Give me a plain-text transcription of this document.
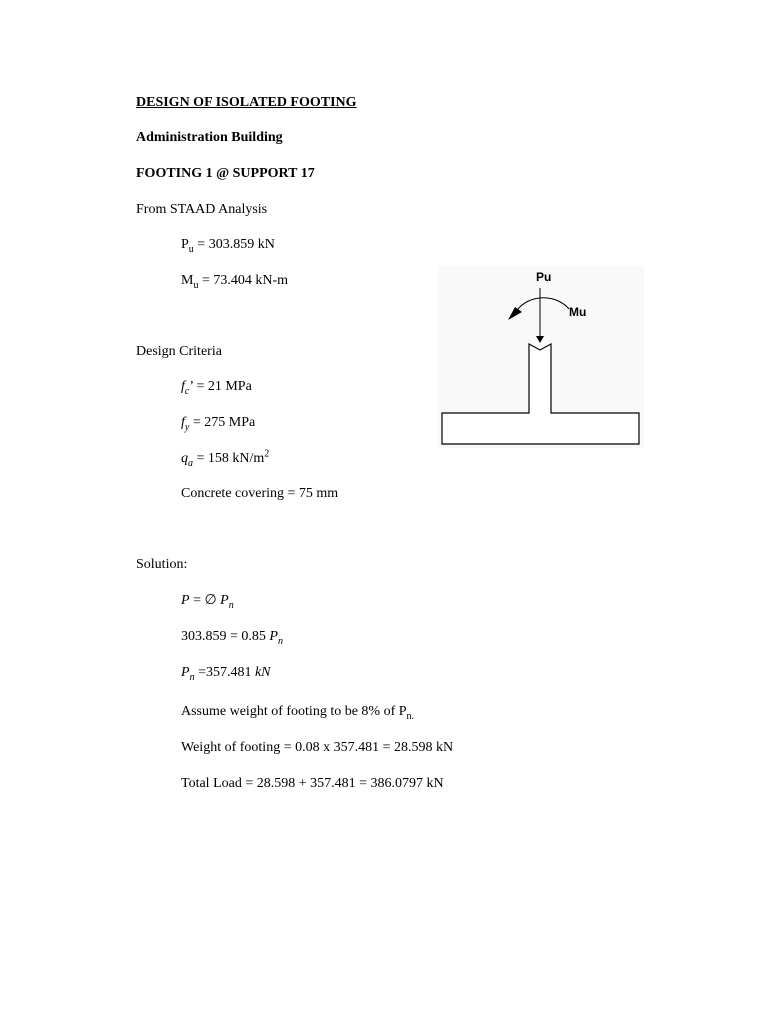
DESIGN OF ISOLATED FOOTING
Administration Building
FOOTING 1 @ SUPPORT 17
From STAAD Analysis
$P_u = 303.859$ kN
$M_u = 73.404$ kN-m
Design Criteria
$f_c$’ = 21 MPa
$f_y = 275$ MPa
$q_a = 158$ $kN/m^2$
Concrete covering = 75 mm
Solution:
P = ∅ $P_n$
303.859 = 0.85 $P_n$
$P_n =357.481$ kN
Assume weight of footing to be 8% of $P_{n.}$
Weight of footing = 0.08 x 357.481 = 28.598 kN
Total Load = 28.598 + 357.481 = 386.0797 kN
Pu
Mu
